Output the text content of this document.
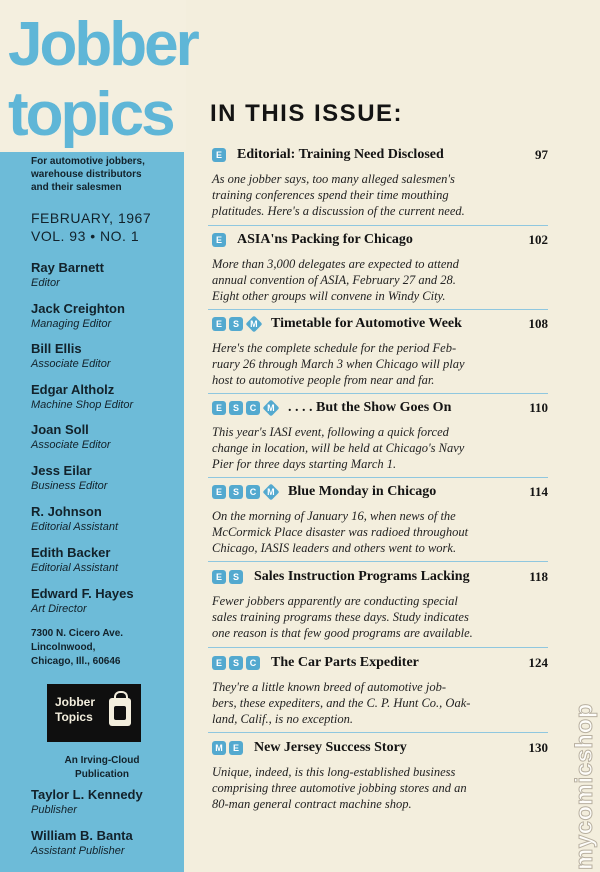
Jobber
topics
For automotive jobbers,
warehouse distributors
and their salesmen
FEBRUARY, 1967
VOL. 93 • NO. 1
Ray Barnett
Editor
Jack Creighton
Managing Editor
Bill Ellis
Associate Editor
Edgar Altholz
Machine Shop Editor
Joan Soll
Associate Editor
Jess Eilar
Business Editor
R. Johnson
Editorial Assistant
Edith Backer
Editorial Assistant
Edward F. Hayes
Art Director
7300 N. Cicero Ave.
Lincolnwood,
Chicago, Ill., 60646
Jobber
Topics
An Irving-Cloud
Publication
Taylor L. Kennedy
Publisher
William B. Banta
Assistant Publisher
IN THIS ISSUE:
E	Editorial: Training Need Disclosed	97

As one jobber says, too many alleged salesmen's
training conferences spend their time mouthing
platitudes. Here's a discussion of the current need.

E	ASIA'ns Packing for Chicago	102

More than 3,000 delegates are expected to attend
annual convention of ASIA, February 27 and 28.
Eight other groups will convene in Windy City.

E S M Timetable for Automotive Week	108

Here's the complete schedule for the period Feb-
ruary 26 through March 3 when Chicago will play
host to automotive people from near and far.

E S C M . . . . But the Show Goes On	110

This year's IASI event, following a quick forced
change in location, will be held at Chicago's Navy
Pier for three days starting March 1.

E S C M Blue Monday in Chicago	114

On the morning of January 16, when news of the
McCormick Place disaster was radioed throughout
Chicago, IASIS leaders and others went to work.

E S	Sales Instruction Programs Lacking	118

Fewer jobbers apparently are conducting special
sales training programs these days. Study indicates
one reason is that few good programs are available.

E S C	The Car Parts Expediter	124

They're a little known breed of automotive job-
bers, these expediters, and the C. P. Hunt Co., Oak-
land, Calif., is no exception.

M E	New Jersey Success Story	130

Unique, indeed, is this long-established business
comprising three automotive jobbing stores and an
80-man general contract machine shop.	mycomicshop
